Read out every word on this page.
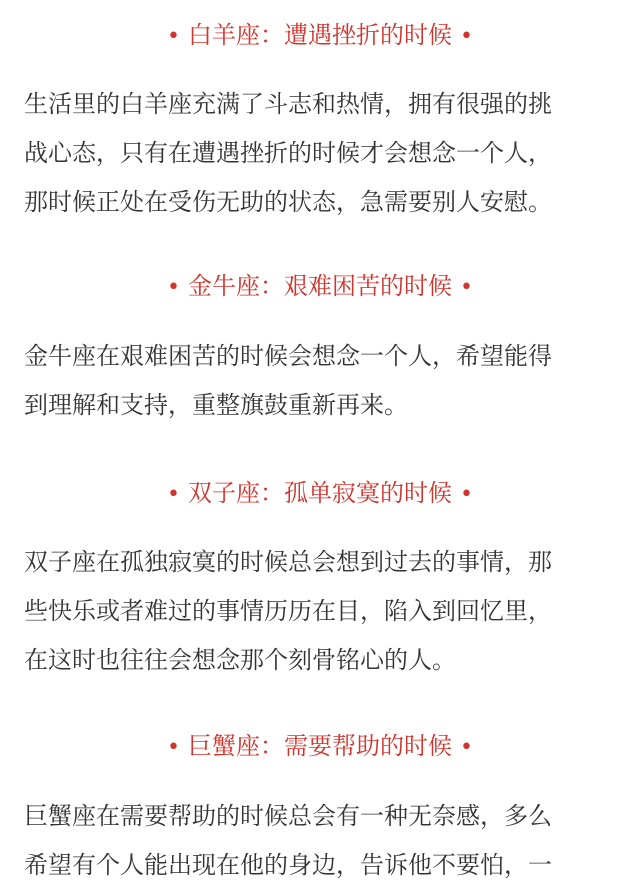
• 白羊座：遭遇挫折的时候 •
生活里的白羊座充满了斗志和热情，拥有很强的挑
战心态，只有在遭遇挫折的时候才会想念一个人，
那时候正处在受伤无助的状态，急需要别人安慰。
• 金牛座：艰难困苦的时候 •
金牛座在艰难困苦的时候会想念一个人，希望能得
到理解和支持，重整旗鼓重新再来。
• 双子座：孤单寂寞的时候 •
双子座在孤独寂寞的时候总会想到过去的事情，那
些快乐或者难过的事情历历在目，陷入到回忆里，
在这时也往往会想念那个刻骨铭心的人。
• 巨蟹座：需要帮助的时候 •
巨蟹座在需要帮助的时候总会有一种无奈感，多么
希望有个人能出现在他的身边，告诉他不要怕，一
